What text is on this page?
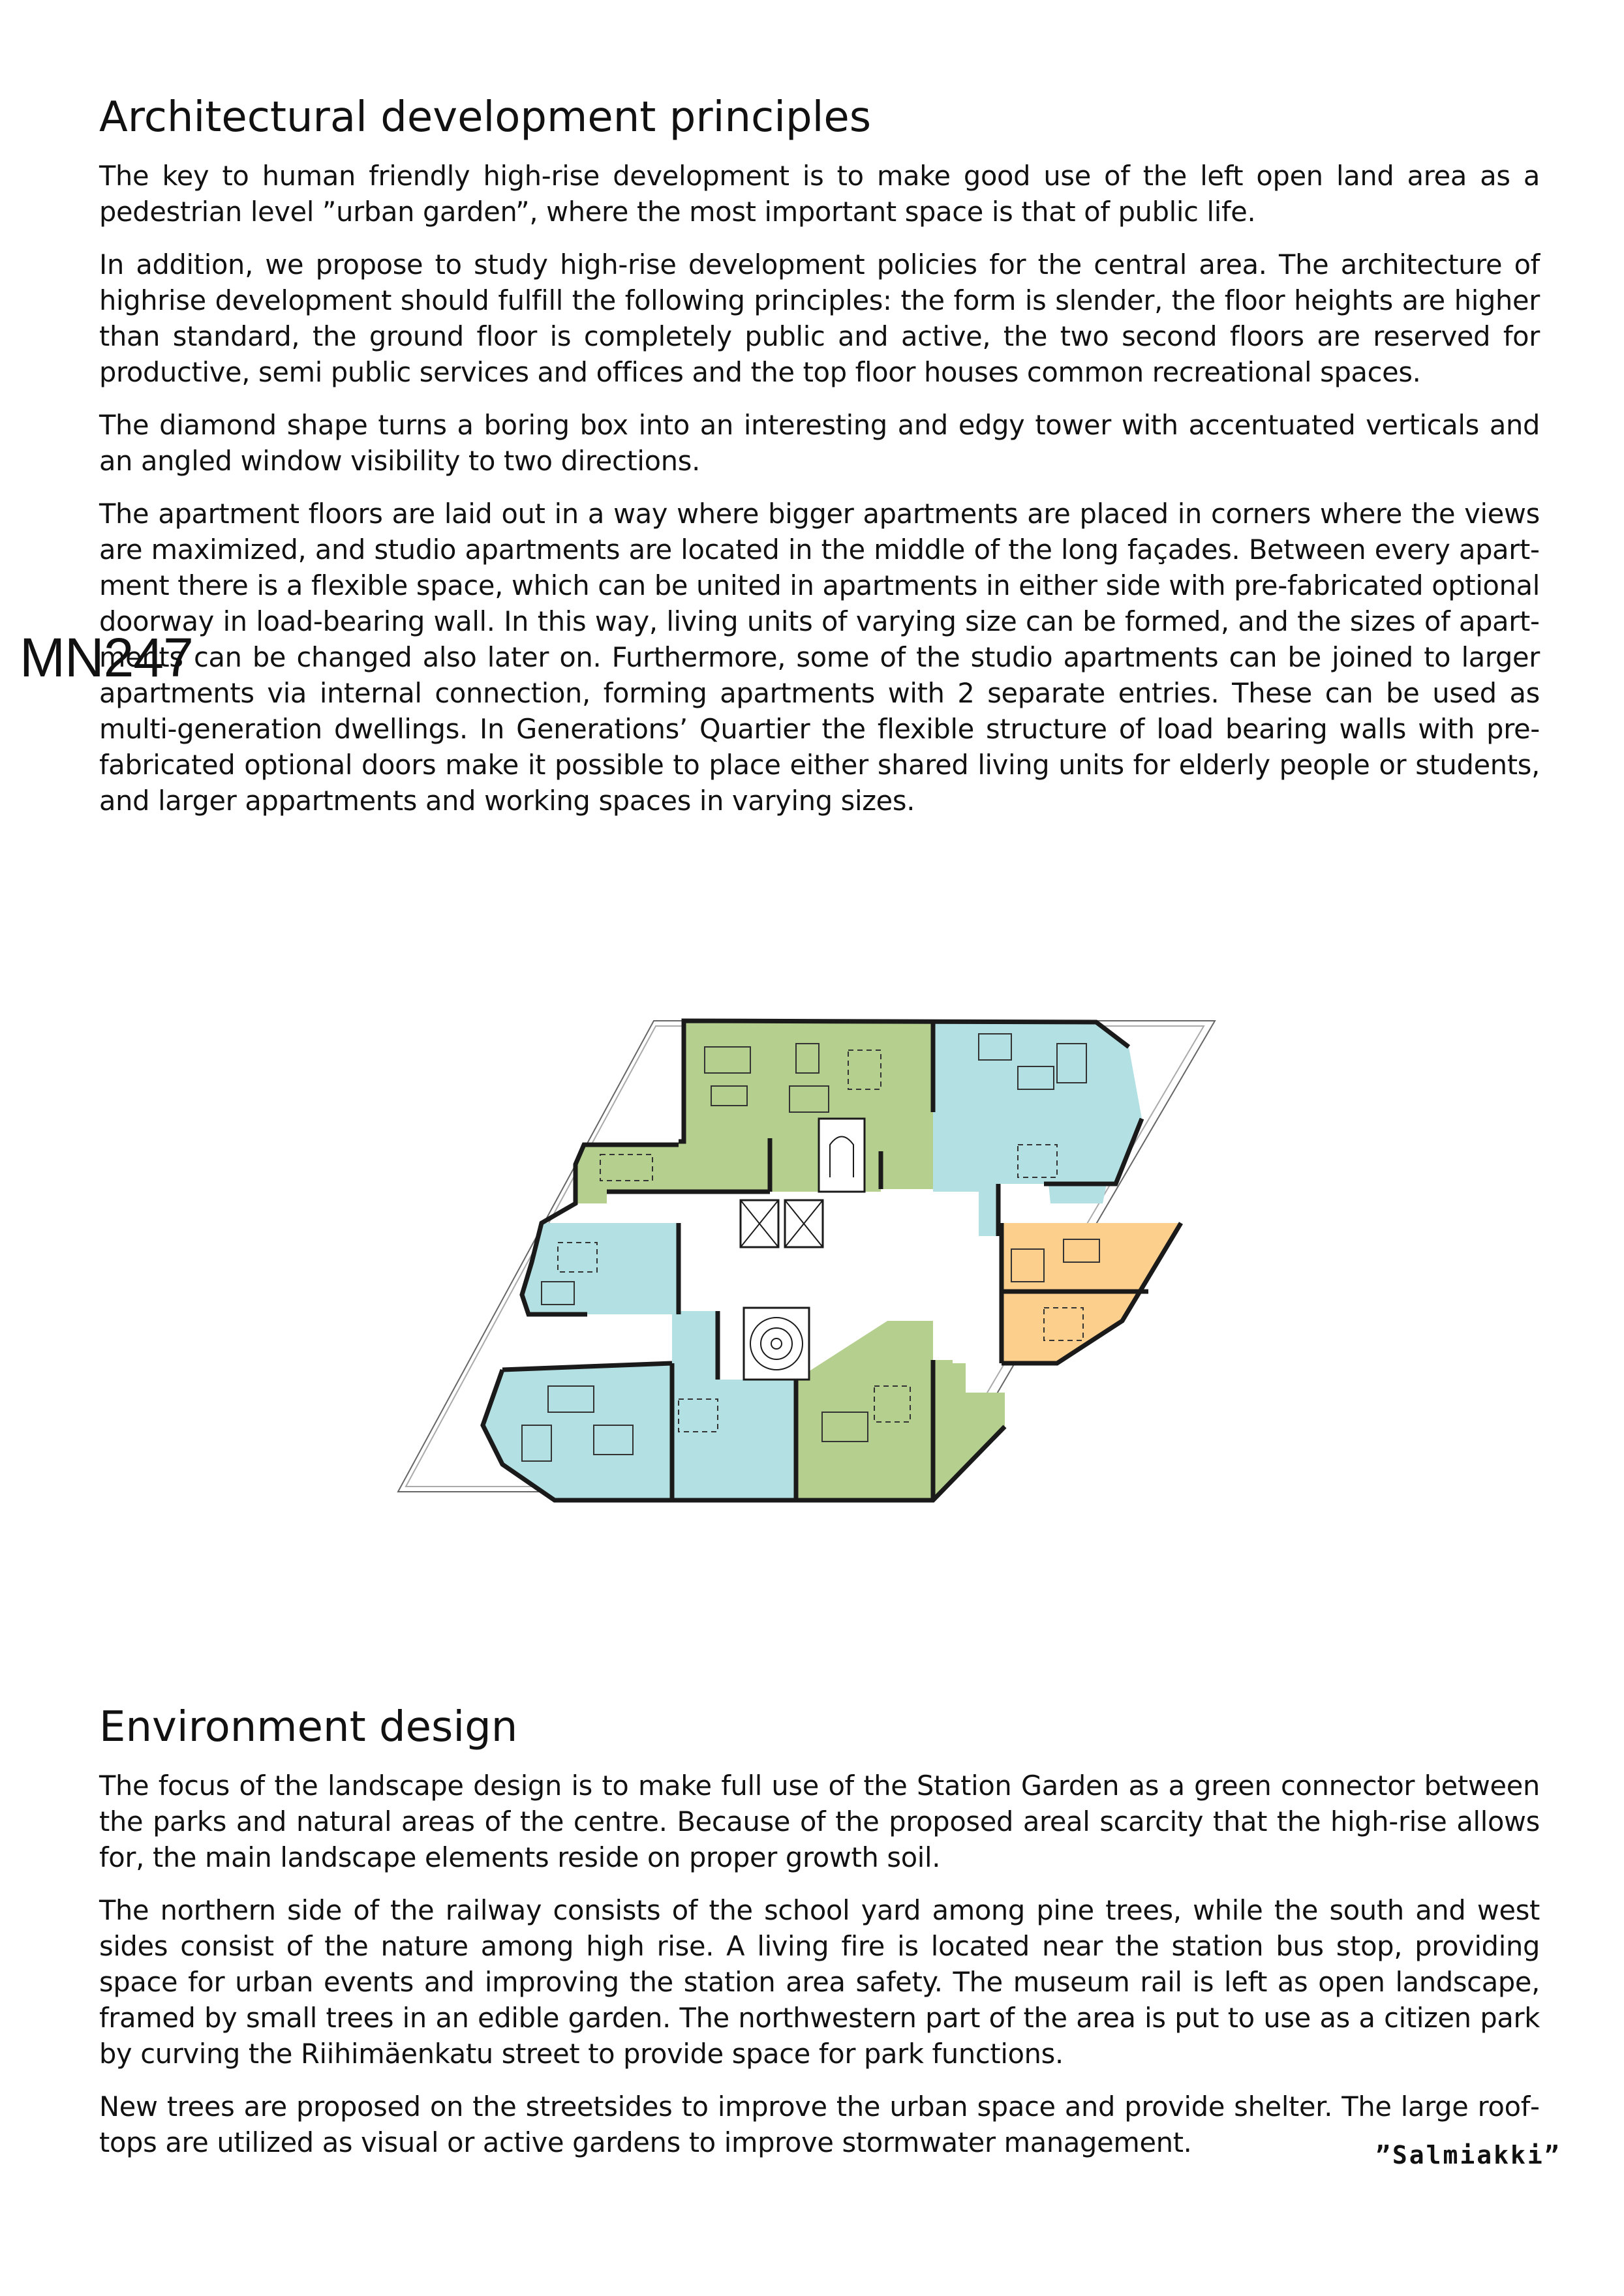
Architectural development principles

The key to human friendly high-rise development is to make good use of the left open land area as a pedestrian level ”urban garden”, where the most important space is that of public life.

In addition, we propose to study high-rise development policies for the central area. The architecture of highrise development should fulfill the following principles: the form is slender, the floor heights are higher than standard, the ground floor is completely public and active, the two second floors are reserved for productive, semi public services and offices and the top floor houses common recreational spaces.

The diamond shape turns a boring box into an interesting and edgy tower with accentuated verticals and an angled window visibility to two directions.

The apartment floors are laid out in a way where bigger apartments are placed in corners where the views are maximized, and studio apartments are located in the middle of the long façades. Between every apartment there is a flexible space, which can be united in apartments in either side with pre-fabricated optional doorway in load-bearing wall. In this way, living units of varying size can be formed, and the sizes of apartments can be changed also later on. Furthermore, some of the studio apartments can be joined to larger apartments via internal connection, forming apartments with 2 separate entries. These can be used as multi-generation dwellings. In Generations’ Quartier the flexible structure of load bearing walls with pre-fabricated optional doors make it possible to place either shared living units for elderly people or students, and larger appartments and working spaces in varying sizes.

MN247
Environment design

The focus of the landscape design is to make full use of the Station Garden as a green connector between the parks and natural areas of the centre. Because of the proposed areal scarcity that the high-rise allows for, the main landscape elements reside on proper growth soil.

The northern side of the railway consists of the school yard among pine trees, while the south and west sides consist of the nature among high rise. A living fire is located near the station bus stop, providing space for urban events and improving the station area safety. The museum rail is left as open landscape, framed by small trees in an edible garden. The northwestern part of the area is put to use as a citizen park by curving the Riihimäenkatu street to provide space for park functions.

New trees are proposed on the streetsides to improve the urban space and provide shelter. The large rooftops are utilized as visual or active gardens to improve stormwater management.	”Salmiakki”
